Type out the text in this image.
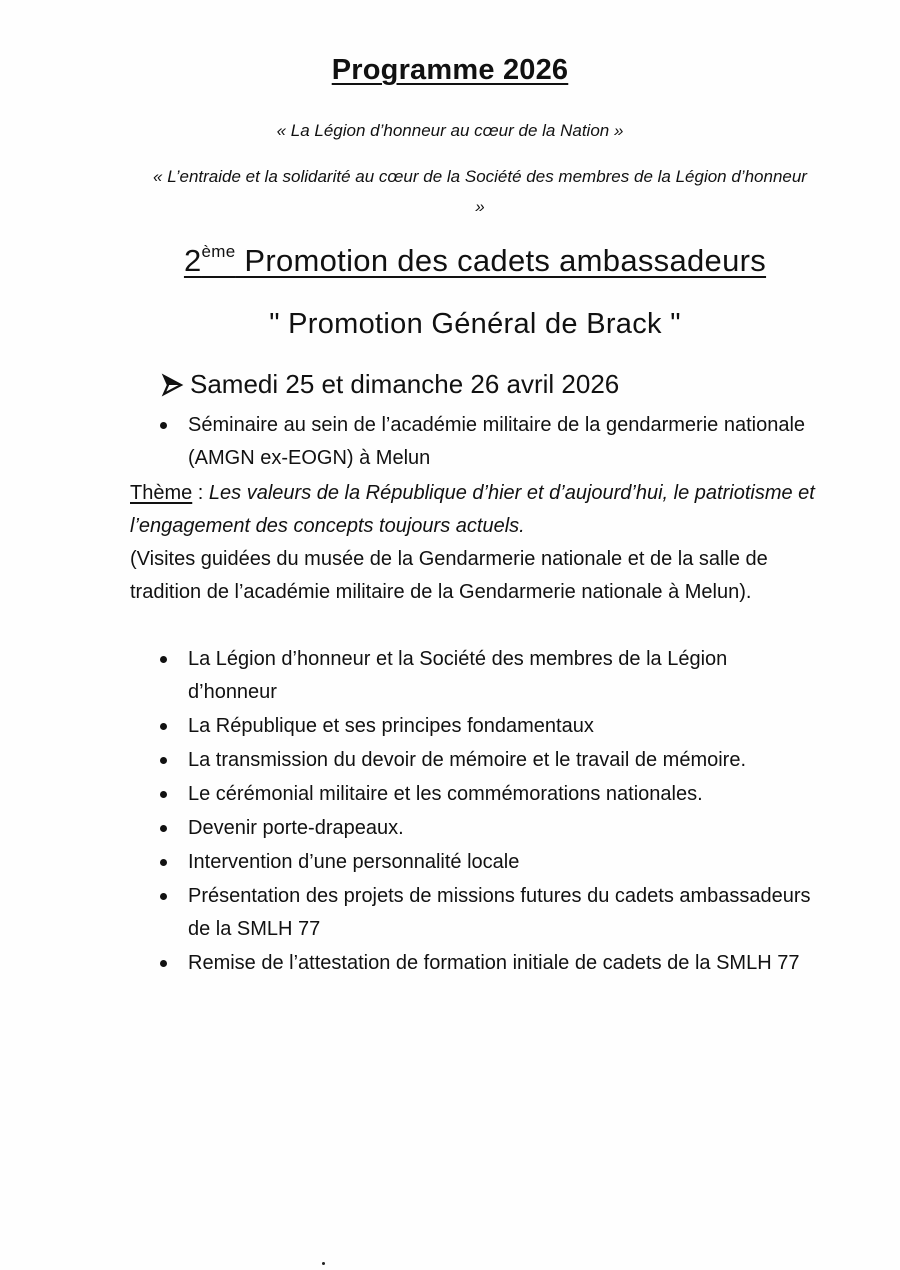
Programme 2026
« La Légion d’honneur au cœur de la Nation »
« L’entraide et la solidarité au cœur de la Société des membres de la Légion d’honneur »
2ème Promotion des cadets ambassadeurs
" Promotion Général de Brack "
Samedi 25 et dimanche 26 avril 2026
Séminaire au sein de l’académie militaire de la gendarmerie nationale (AMGN ex-EOGN) à Melun
Thème : Les valeurs de la République d’hier et d’aujourd’hui, le patriotisme et l’engagement des concepts toujours actuels.
(Visites guidées du musée de la Gendarmerie nationale et de la salle de tradition de l’académie militaire de la Gendarmerie nationale à Melun).
La Légion d’honneur et la Société des membres de la Légion d’honneur
La République et ses principes fondamentaux
La transmission du devoir de mémoire et le travail de mémoire.
Le cérémonial militaire et les commémorations nationales.
Devenir porte-drapeaux.
Intervention d’une personnalité locale
Présentation des projets de missions futures du cadets ambassadeurs de la SMLH 77
Remise de l’attestation de formation initiale de cadets de la SMLH 77
